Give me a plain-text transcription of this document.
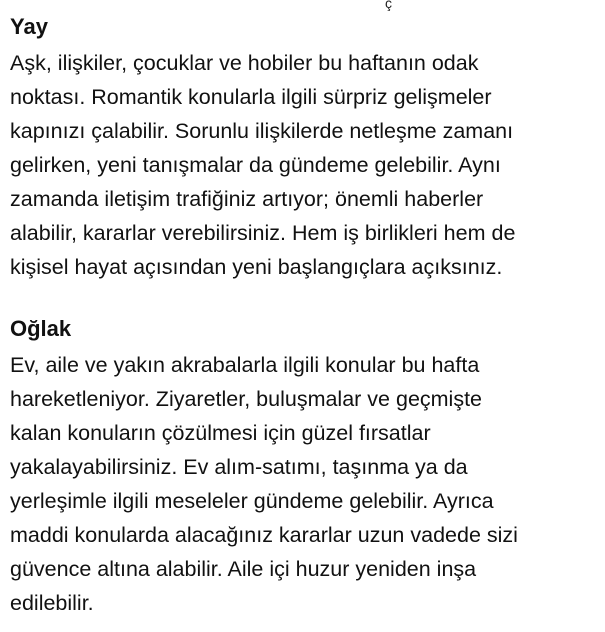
ç
Yay
Aşk, ilişkiler, çocuklar ve hobiler bu haftanın odak
noktası. Romantik konularla ilgili sürpriz gelişmeler
kapınızı çalabilir. Sorunlu ilişkilerde netleşme zamanı
gelirken, yeni tanışmalar da gündeme gelebilir. Aynı
zamanda iletişim trafiğiniz artıyor; önemli haberler
alabilir, kararlar verebilirsiniz. Hem iş birlikleri hem de
kişisel hayat açısından yeni başlangıçlara açıksınız.
Oğlak
Ev, aile ve yakın akrabalarla ilgili konular bu hafta
hareketleniyor. Ziyaretler, buluşmalar ve geçmişte
kalan konuların çözülmesi için güzel fırsatlar
yakalayabilirsiniz. Ev alım-satımı, taşınma ya da
yerleşimle ilgili meseleler gündeme gelebilir. Ayrıca
maddi konularda alacağınız kararlar uzun vadede sizi
güvence altına alabilir. Aile içi huzur yeniden inşa
edilebilir.
